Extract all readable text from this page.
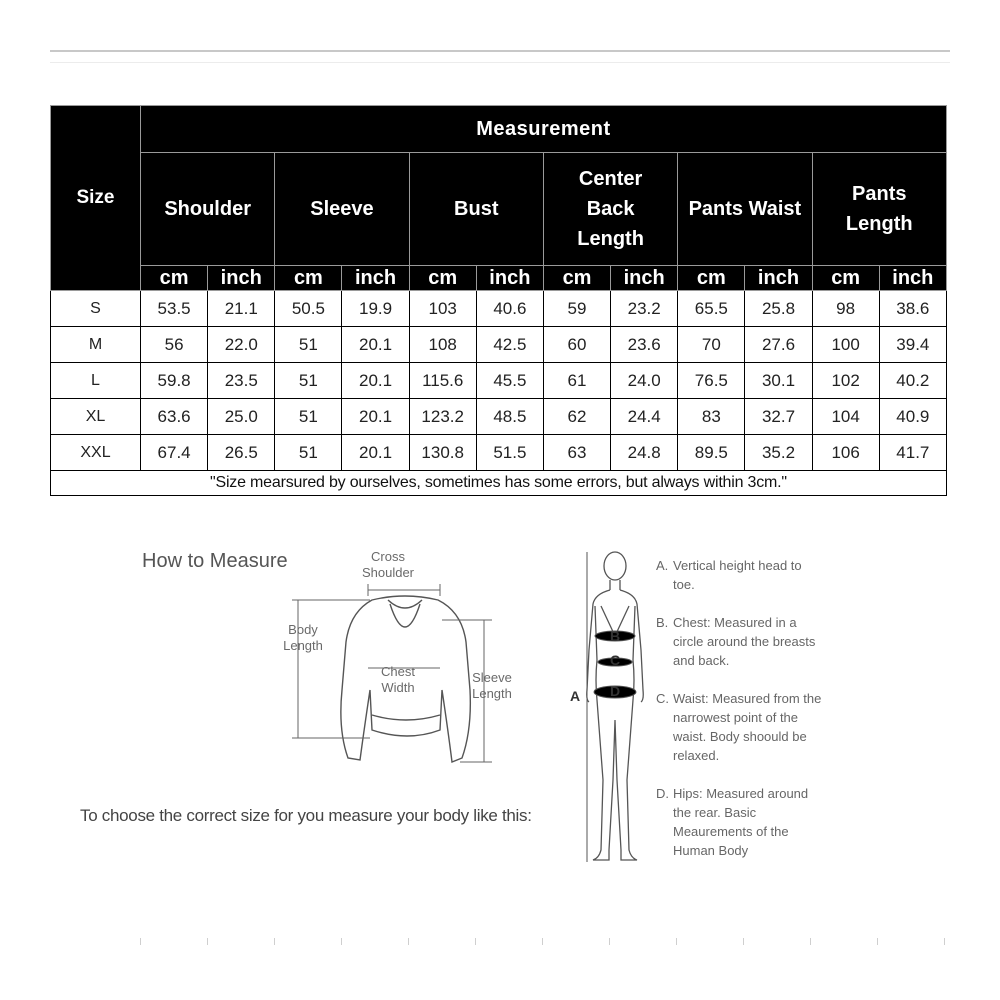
Size	Measurement											
	Shoulder		Sleeve		Bust		Center Back Length		Pants Waist		Pants Length	
	cm	inch	cm	inch	cm	inch	cm	inch	cm	inch	cm	inch
S	53.5	21.1	50.5	19.9	103	40.6	59	23.2	65.5	25.8	98	38.6
M	56	22.0	51	20.1	108	42.5	60	23.6	70	27.6	100	39.4
L	59.8	23.5	51	20.1	115.6	45.5	61	24.0	76.5	30.1	102	40.2
XL	63.6	25.0	51	20.1	123.2	48.5	62	24.4	83	32.7	104	40.9
XXL	67.4	26.5	51	20.1	130.8	51.5	63	24.8	89.5	35.2	106	41.7
"Size mearsured by ourselves, sometimes has some errors, but always within 3cm."												
How to Measure	Cross
Shoulder
Body
Length
Chest
Width
Sleeve
Length	A
B
C
D
A. Vertical height head to toe.
B. Chest: Measured in a circle around the breasts and back.
C. Waist: Measured from the narrowest point of the waist. Body shoould be relaxed.
D. Hips: Measured around the rear. Basic Meaurements of the Human Body
To choose the correct size for you measure your body like this:
